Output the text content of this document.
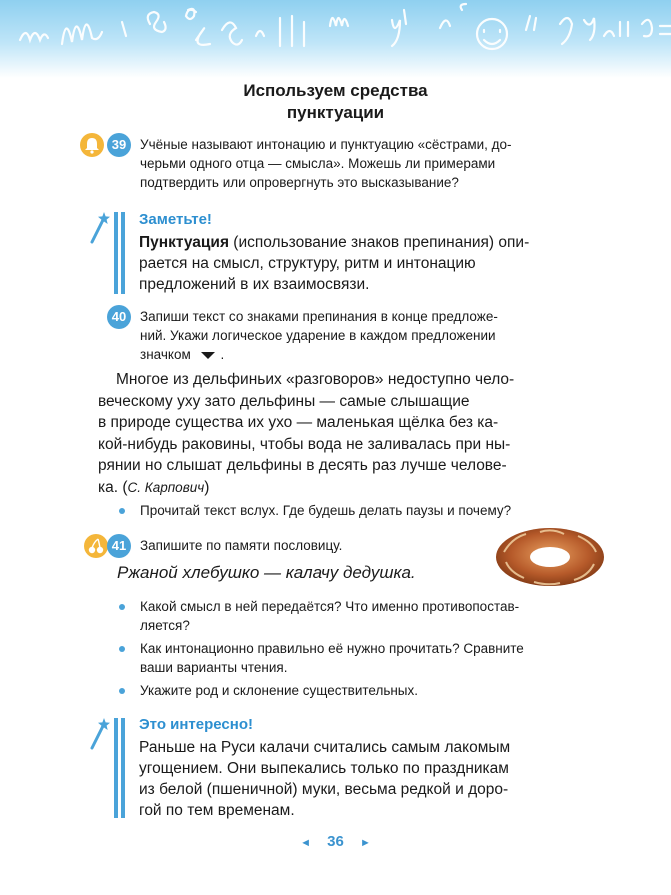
Используем средства
пунктуации
39	Учёные называют интонацию и пунктуацию «сёстрами, до-
черьми одного отца — смысла». Можешь ли примерами
подтвердить или опровергнуть это высказывание?
Заметьте!
Пунктуация (использование знаков препинания) опи-
рается на смысл, структуру, ритм и интонацию
предложений в их взаимосвязи.
40	Запиши текст со знаками препинания в конце предложе-
ний. Укажи логическое ударение в каждом предложении
значком .
Многое из дельфиньих «разговоров» недоступно чело-
веческому уху зато дельфины — самые слышащие
в природе существа их ухо — маленькая щёлка без ка-
кой-нибудь раковины, чтобы вода не заливалась при ны-
рянии но слышат дельфины в десять раз лучше челове-
ка. (С. Карпович)
Прочитай текст вслух. Где будешь делать паузы и почему?
41	Запишите по памяти пословицу.
Ржаной хлебушко — калачу дедушка.
Какой смысл в ней передаётся? Что именно противопостав-
ляется?
Как интонационно правильно её нужно прочитать? Сравните
ваши варианты чтения.
Укажите род и склонение существительных.
Это интересно!
Раньше на Руси калачи считались самым лакомым
угощением. Они выпекались только по праздникам
из белой (пшеничной) муки, весьма редкой и доро-
гой по тем временам.
◄ 36 ►
